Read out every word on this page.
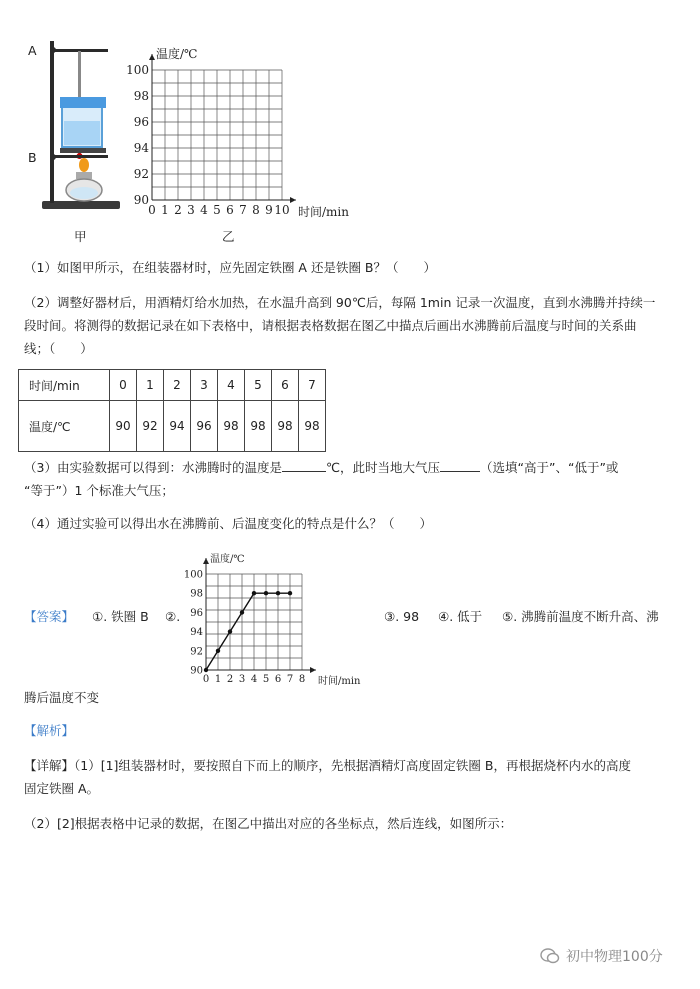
A
B
甲
0 1 2 3 4 5 6 7 8 9 10
90
92
94
96
98
100
时间/min
温度/℃
乙
（1）如图甲所示，在组装器材时，应先固定铁圈 A 还是铁圈 B？（　　）
（2）调整好器材后，用酒精灯给水加热，在水温升高到 90℃后，每隔 1min 记录一次温度，直到水沸腾并持续一
段时间。将测得的数据记录在如下表格中，请根据表格数据在图乙中描点后画出水沸腾前后温度与时间的关系曲
线；（　　）
时间/min	0	1	2	3	4	5	6	7
温度/℃	90	92	94	96	98	98	98	98
（3）由实验数据可以得到：水沸腾时的温度是	℃，此时当地大气压	（选填“高于”、“低于”或
“等于”）1 个标准大气压；
（4）通过实验可以得出水在沸腾前、后温度变化的特点是什么？（　　）
【答案】 ①. 铁圈 B ②.
0 1 2 3 4 5 6 7 8
90
92
94
96
98
100
时间/min
温度/℃
③. 98 ④. 低于 ⑤. 沸腾前温度不断升高、沸
腾后温度不变
【解析】
【详解】（1）[1]组装器材时，要按照自下而上的顺序，先根据酒精灯高度固定铁圈 B，再根据烧杯内水的高度
固定铁圈 A。
（2）[2]根据表格中记录的数据，在图乙中描出对应的各坐标点，然后连线，如图所示：
初中物理100分
